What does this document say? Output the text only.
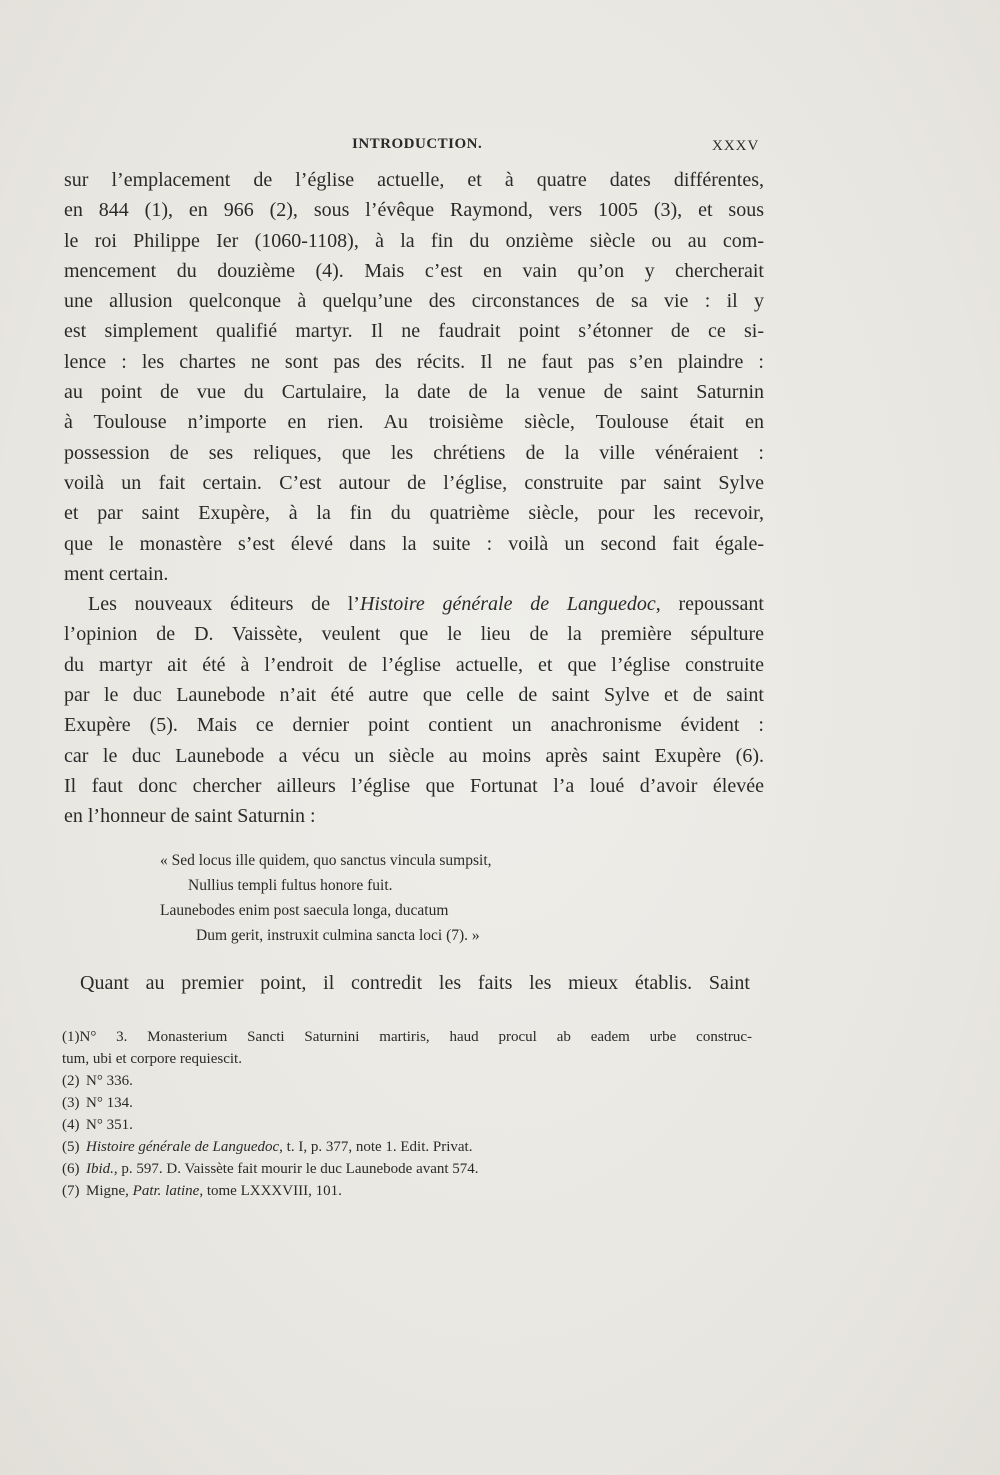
INTRODUCTION.	XXXV
sur l’emplacement de l’église actuelle, et à quatre dates différentes,
en 844 (1), en 966 (2), sous l’évêque Raymond, vers 1005 (3), et sous
le roi Philippe Ier (1060-1108), à la fin du onzième siècle ou au com-
mencement du douzième (4). Mais c’est en vain qu’on y chercherait
une allusion quelconque à quelqu’une des circonstances de sa vie : il y
est simplement qualifié martyr. Il ne faudrait point s’étonner de ce si-
lence : les chartes ne sont pas des récits. Il ne faut pas s’en plaindre :
au point de vue du Cartulaire, la date de la venue de saint Saturnin
à Toulouse n’importe en rien. Au troisième siècle, Toulouse était en
possession de ses reliques, que les chrétiens de la ville vénéraient :
voilà un fait certain. C’est autour de l’église, construite par saint Sylve
et par saint Exupère, à la fin du quatrième siècle, pour les recevoir,
que le monastère s’est élevé dans la suite : voilà un second fait égale-
ment certain.
Les nouveaux éditeurs de l’Histoire générale de Languedoc, repoussant
l’opinion de D. Vaissète, veulent que le lieu de la première sépulture
du martyr ait été à l’endroit de l’église actuelle, et que l’église construite
par le duc Launebode n’ait été autre que celle de saint Sylve et de saint
Exupère (5). Mais ce dernier point contient un anachronisme évident :
car le duc Launebode a vécu un siècle au moins après saint Exupère (6).
Il faut donc chercher ailleurs l’église que Fortunat l’a loué d’avoir élevée
en l’honneur de saint Saturnin :
« Sed locus ille quidem, quo sanctus vincula sumpsit,
Nullius templi fultus honore fuit.
Launebodes enim post saecula longa, ducatum
Dum gerit, instruxit culmina sancta loci (7). »
Quant au premier point, il contredit les faits les mieux établis. Saint
(1)N° 3. Monasterium Sancti Saturnini martiris, haud procul ab eadem urbe construc-
tum, ubi et corpore requiescit.
(2) N° 336.
(3) N° 134.
(4) N° 351.
(5) Histoire générale de Languedoc, t. I, p. 377, note 1. Edit. Privat.
(6) Ibid., p. 597. D. Vaissète fait mourir le duc Launebode avant 574.
(7) Migne, Patr. latine, tome LXXXVIII, 101.
